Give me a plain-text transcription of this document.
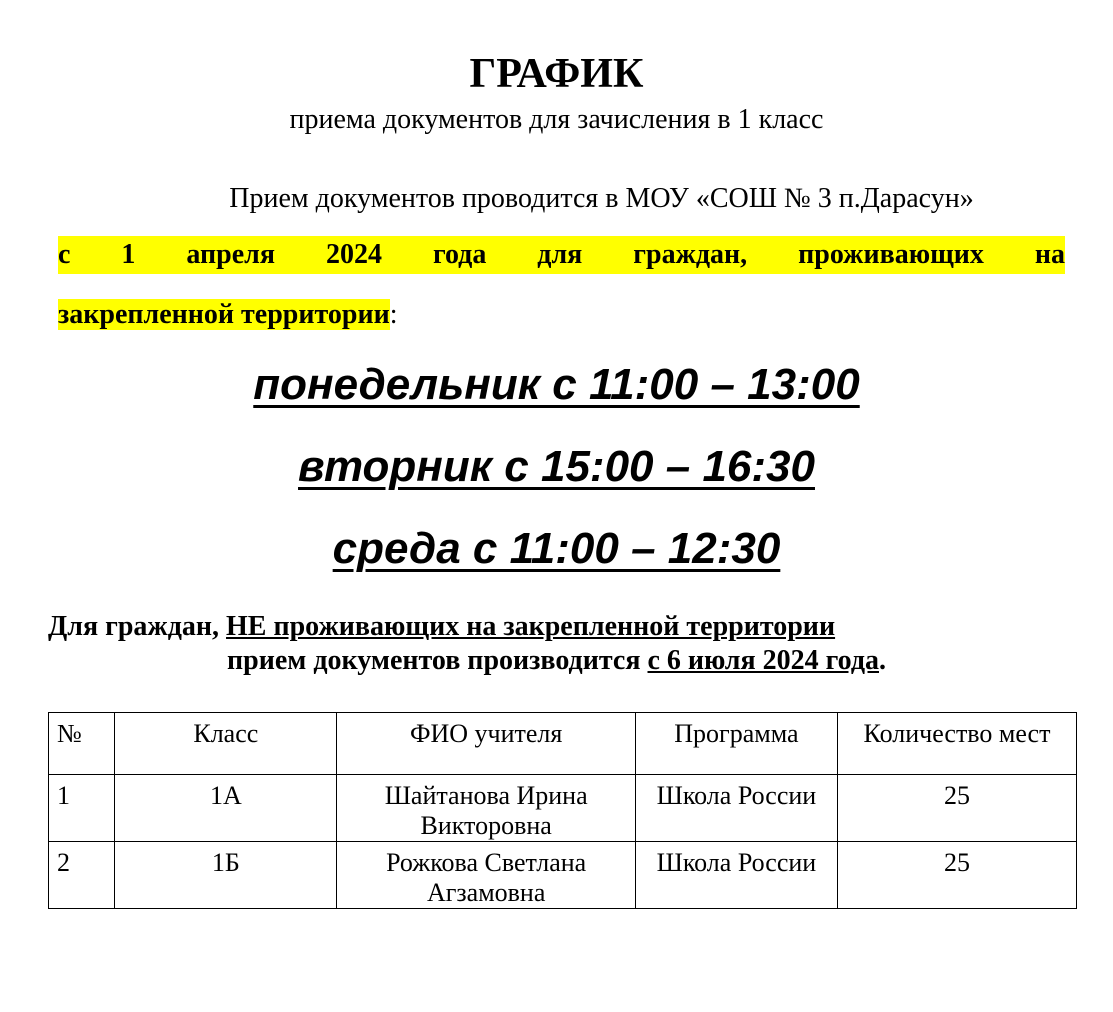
ГРАФИК
приема документов для зачисления в 1 класс
Прием документов проводится в МОУ «СОШ № 3 п.Дарасун»
с 1 апреля 2024 года для граждан, проживающих на
закрепленной территории:
понедельник с 11:00 – 13:00
вторник с 15:00 – 16:30
среда с 11:00 – 12:30
Для граждан, НЕ проживающих на закрепленной территории
прием документов производится с 6 июля 2024 года.
№	Класс	ФИО учителя	Программа	Количество мест
1	1А	Шайтанова Ирина Викторовна	Школа России	25
2	1Б	Рожкова Светлана Агзамовна	Школа России	25
